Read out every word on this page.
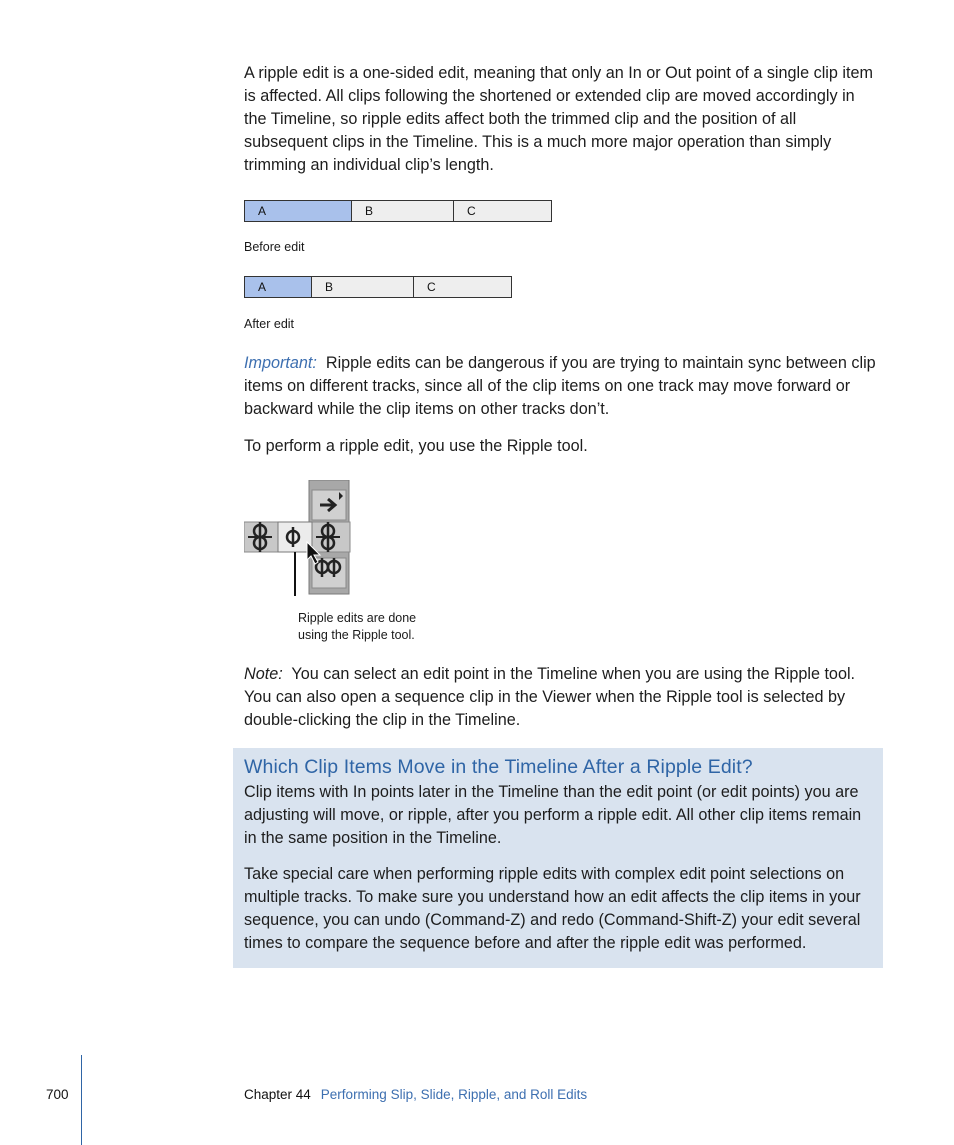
A ripple edit is a one-sided edit, meaning that only an In or Out point of a single clip item is affected. All clips following the shortened or extended clip are moved accordingly in the Timeline, so ripple edits affect both the trimmed clip and the position of all subsequent clips in the Timeline. This is a much more major operation than simply trimming an individual clip’s length.

A	B	C

Before edit

A	B	C

After edit

Important: Ripple edits can be dangerous if you are trying to maintain sync between clip items on different tracks, since all of the clip items on one track may move forward or backward while the clip items on other tracks don’t.

To perform a ripple edit, you use the Ripple tool.

Ripple edits are done
using the Ripple tool.

Note: You can select an edit point in the Timeline when you are using the Ripple tool. You can also open a sequence clip in the Viewer when the Ripple tool is selected by double-clicking the clip in the Timeline.

Which Clip Items Move in the Timeline After a Ripple Edit?

Clip items with In points later in the Timeline than the edit point (or edit points) you are adjusting will move, or ripple, after you perform a ripple edit. All other clip items remain in the same position in the Timeline.

Take special care when performing ripple edits with complex edit point selections on multiple tracks. To make sure you understand how an edit affects the clip items in your sequence, you can undo (Command-Z) and redo (Command-Shift-Z) your edit several times to compare the sequence before and after the ripple edit was performed.

700	Chapter 44 Performing Slip, Slide, Ripple, and Roll Edits
